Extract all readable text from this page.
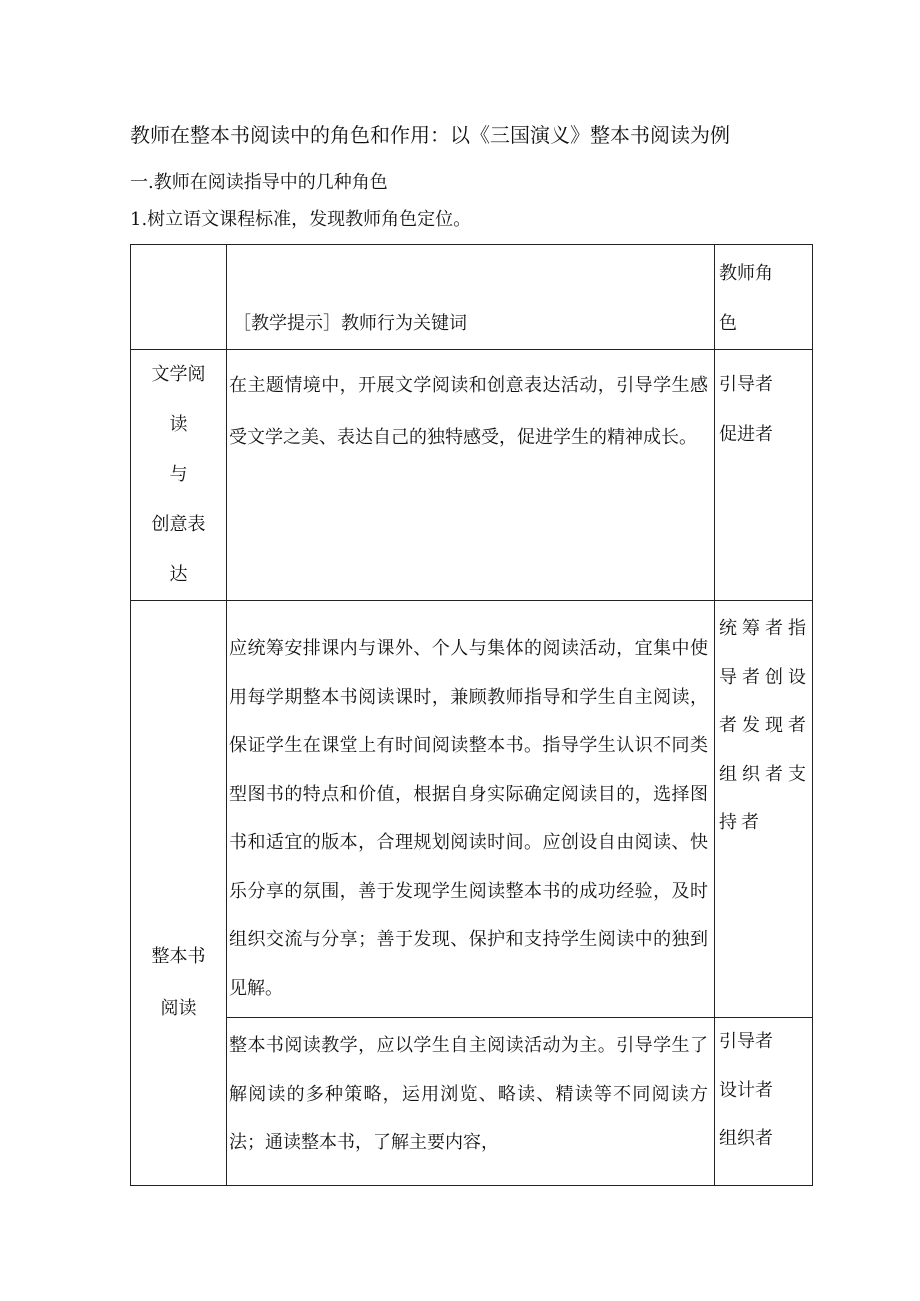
教师在整本书阅读中的角色和作用：以《三国演义》整本书阅读为例
一.教师在阅读指导中的几种角色
1.树立语文课程标准，发现教师角色定位。
	［教学提示］教师行为关键词	教师角
色

文学阅
读
与
创意表
达	在主题情境中，开展文学阅读和创意表达活动，引导学生感受文学之美、表达自己的独特感受，促进学生的精神成长。	引导者
促进者

整本书
阅读	应统筹安排课内与课外、个人与集体的阅读活动，宜集中使用每学期整本书阅读课时，兼顾教师指导和学生自主阅读，保证学生在课堂上有时间阅读整本书。指导学生认识不同类型图书的特点和价值，根据自身实际确定阅读目的，选择图书和适宜的版本，合理规划阅读时间。应创设自由阅读、快乐分享的氛围，善于发现学生阅读整本书的成功经验，及时组织交流与分享；善于发现、保护和支持学生阅读中的独到见解。	统筹者指导者创设者发现者组织者支持者
	整本书阅读教学，应以学生自主阅读活动为主。引导学生了解阅读的多种策略，运用浏览、略读、精读等不同阅读方法；通读整本书，了解主要内容，	引导者
设计者
组织者
